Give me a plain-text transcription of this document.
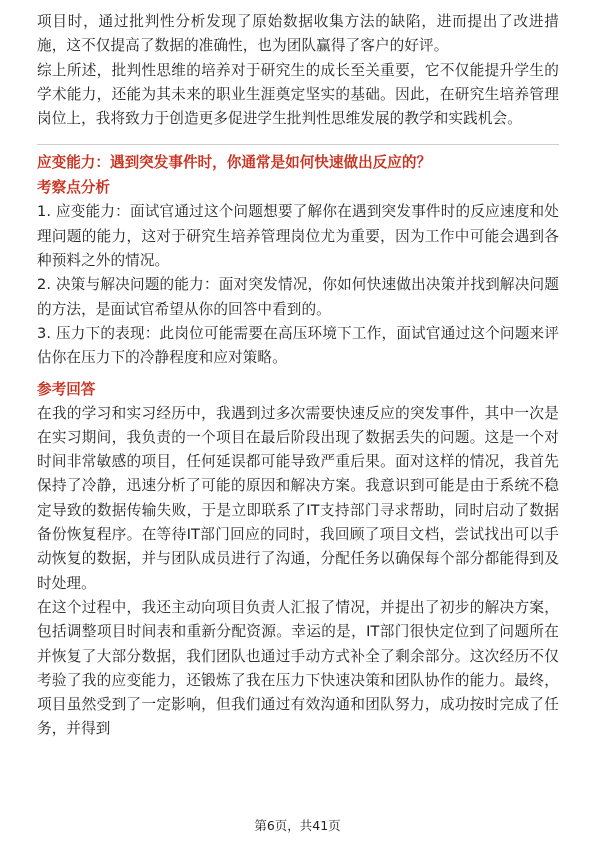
项目时，通过批判性分析发现了原始数据收集方法的缺陷，进而提出了改进措施，这不仅提高了数据的准确性，也为团队赢得了客户的好评。

综上所述，批判性思维的培养对于研究生的成长至关重要，它不仅能提升学生的学术能力，还能为其未来的职业生涯奠定坚实的基础。因此，在研究生培养管理岗位上，我将致力于创造更多促进学生批判性思维发展的教学和实践机会。

应变能力：遇到突发事件时，你通常是如何快速做出反应的？

考察点分析

1. 应变能力：面试官通过这个问题想要了解你在遇到突发事件时的反应速度和处理问题的能力，这对于研究生培养管理岗位尤为重要，因为工作中可能会遇到各种预料之外的情况。

2. 决策与解决问题的能力：面对突发情况，你如何快速做出决策并找到解决问题的方法，是面试官希望从你的回答中看到的。

3. 压力下的表现：此岗位可能需要在高压环境下工作，面试官通过这个问题来评估你在压力下的冷静程度和应对策略。

参考回答

在我的学习和实习经历中，我遇到过多次需要快速反应的突发事件，其中一次是在实习期间，我负责的一个项目在最后阶段出现了数据丢失的问题。这是一个对时间非常敏感的项目，任何延误都可能导致严重后果。面对这样的情况，我首先保持了冷静，迅速分析了可能的原因和解决方案。我意识到可能是由于系统不稳定导致的数据传输失败，于是立即联系了IT支持部门寻求帮助，同时启动了数据备份恢复程序。在等待IT部门回应的同时，我回顾了项目文档，尝试找出可以手动恢复的数据，并与团队成员进行了沟通，分配任务以确保每个部分都能得到及时处理。

在这个过程中，我还主动向项目负责人汇报了情况，并提出了初步的解决方案，包括调整项目时间表和重新分配资源。幸运的是，IT部门很快定位到了问题所在并恢复了大部分数据，我们团队也通过手动方式补全了剩余部分。这次经历不仅考验了我的应变能力，还锻炼了我在压力下快速决策和团队协作的能力。最终，项目虽然受到了一定影响，但我们通过有效沟通和团队努力，成功按时完成了任务，并得到

第6页，共41页
